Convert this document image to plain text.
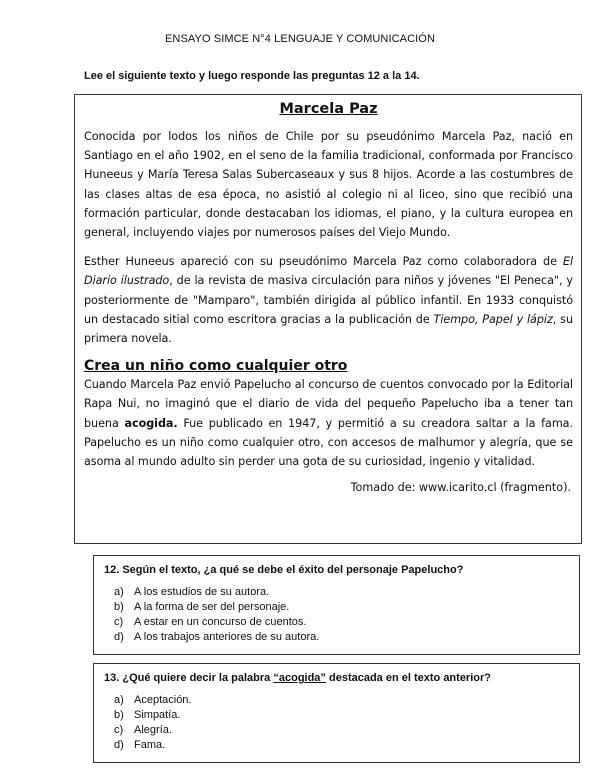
ENSAYO SIMCE N°4 LENGUAJE Y COMUNICACIÓN
Lee el siguiente texto y luego responde las preguntas 12 a la 14.
Marcela Paz

Conocida por lodos los niños de Chile por su pseudónimo Marcela Paz, nació en Santiago en el año 1902, en el seno de la familia tradicional, conformada por Francisco Huneeus y María Teresa Salas Subercaseaux y sus 8 hijos. Acorde a las costumbres de las clases altas de esa época, no asistió al colegio ni al liceo, sino que recibió una formación particular, donde destacaban los idiomas, el piano, y la cultura europea en general, incluyendo viajes por numerosos países del Viejo Mundo.

Esther Huneeus apareció con su pseudónimo Marcela Paz como colaboradora de El Diario ilustrado, de la revista de masiva circulación para niños y jóvenes "El Peneca", y posteriormente de "Mamparo", también dirigida al público infantil. En 1933 conquistó un destacado sitial como escritora gracias a la publicación de Tiempo, Papel y lápiz, su primera novela.

Crea un niño como cualquier otro

Cuando Marcela Paz envió Papelucho al concurso de cuentos convocado por la Editorial Rapa Nui, no imaginó que el diario de vida del pequeño Papelucho iba a tener tan buena acogida. Fue publicado en 1947, y permitió a su creadora saltar a la fama. Papelucho es un niño como cualquier otro, con accesos de malhumor y alegría, que se asoma al mundo adulto sin perder una gota de su curiosidad, ingenio y vitalidad.

Tomado de: www.icarito.cl (fragmento).
12. Según el texto, ¿a qué se debe el éxito del personaje Papelucho?
a) A los estudios de su autora.
b) A la forma de ser del personaje.
c) A estar en un concurso de cuentos.
d) A los trabajos anteriores de su autora.
13. ¿Qué quiere decir la palabra “acogida” destacada en el texto anterior?
a) Aceptación.
b) Simpatía.
c) Alegría.
d) Fama.
